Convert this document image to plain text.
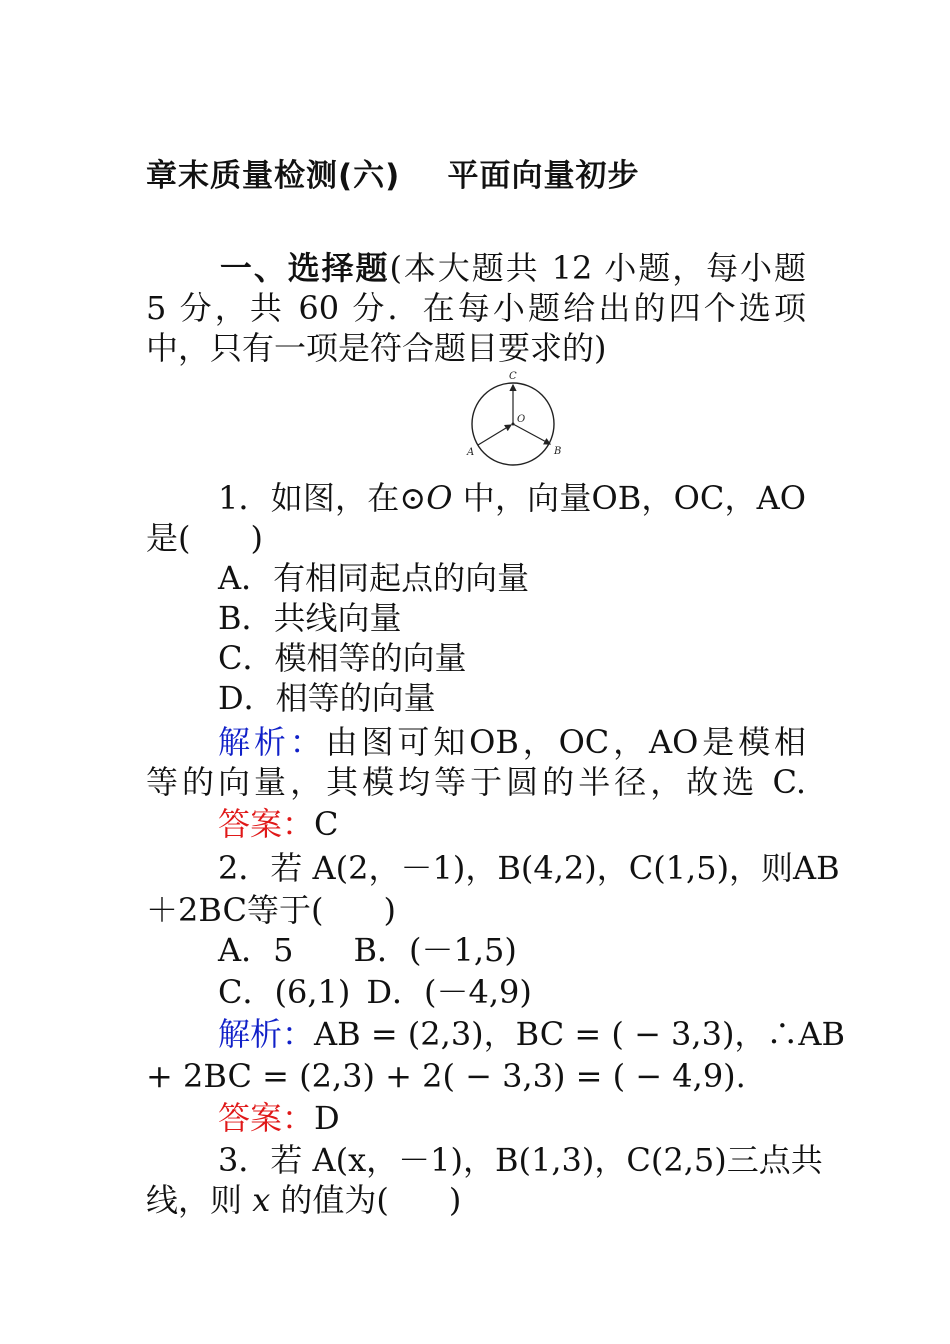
章末质量检测(六) 平面向量初步
一、选择题(本大题共 12 小题，每小题
5 分，共 60 分．在每小题给出的四个选项
中，只有一项是符合题目要求的)
C
O
A	B
1．如图，在⊙O 中，向量OB，OC，AO
是( )
A．有相同起点的向量
B．共线向量
C．模相等的向量
D．相等的向量
解析：由图可知OB，OC，AO是模相
等的向量，其模均等于圆的半径，故选 C.
答案：C
2．若 A(2，－1)，B(4,2)，C(1,5)，则AB
＋2BC等于( )
A．5 B．(－1,5)
C．(6,1) D．(－4,9)
解析：AB = (2,3)，BC = ( − 3,3)，∴AB
+ 2BC = (2,3) + 2( − 3,3) = ( − 4,9).
答案：D
3．若 A(x，－1)，B(1,3)，C(2,5)三点共
线，则 x 的值为( )
